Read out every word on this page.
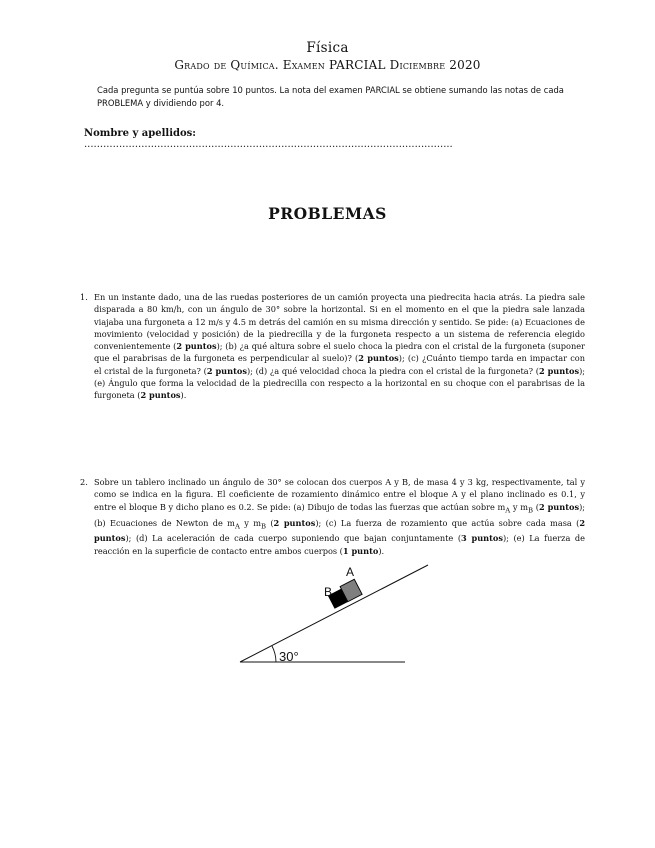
Física
Grado de Química. Examen PARCIAL Diciembre 2020
Cada pregunta se puntúa sobre 10 puntos. La nota del examen PARCIAL se obtiene sumando las notas de cada PROBLEMA y dividiendo por 4.
Nombre y apellidos: ....................................................................................................................
PROBLEMAS
1. En un instante dado, una de las ruedas posteriores de un camión proyecta una piedrecita hacia atrás. La piedra sale disparada a 80 km/h, con un ángulo de 30° sobre la horizontal. Si en el momento en el que la piedra sale lanzada viajaba una furgoneta a 12 m/s y 4.5 m detrás del camión en su misma dirección y sentido. Se pide: (a) Ecuaciones de movimiento (velocidad y posición) de la piedrecilla y de la furgoneta respecto a un sistema de referencia elegido convenientemente (2 puntos); (b) ¿a qué altura sobre el suelo choca la piedra con el cristal de la furgoneta (suponer que el parabrisas de la furgoneta es perpendicular al suelo)? (2 puntos); (c) ¿Cuánto tiempo tarda en impactar con el cristal de la furgoneta? (2 puntos); (d) ¿a qué velocidad choca la piedra con el cristal de la furgoneta? (2 puntos); (e) Ángulo que forma la velocidad de la piedrecilla con respecto a la horizontal en su choque con el parabrisas de la furgoneta (2 puntos).
2. Sobre un tablero inclinado un ángulo de 30° se colocan dos cuerpos A y B, de masa 4 y 3 kg, respectivamente, tal y como se indica en la figura. El coeficiente de rozamiento dinámico entre el bloque A y el plano inclinado es 0.1, y entre el bloque B y dicho plano es 0.2. Se pide: (a) Dibujo de todas las fuerzas que actúan sobre $m_A$ y $m_B$ (2 puntos); (b) Ecuaciones de Newton de $m_A$ y $m_B$ (2 puntos); (c) La fuerza de rozamiento que actúa sobre cada masa (2 puntos); (d) La aceleración de cada cuerpo suponiendo que bajan conjuntamente (3 puntos); (e) La fuerza de reacción en la superficie de contacto entre ambos cuerpos (1 punto).
30°
B
A
